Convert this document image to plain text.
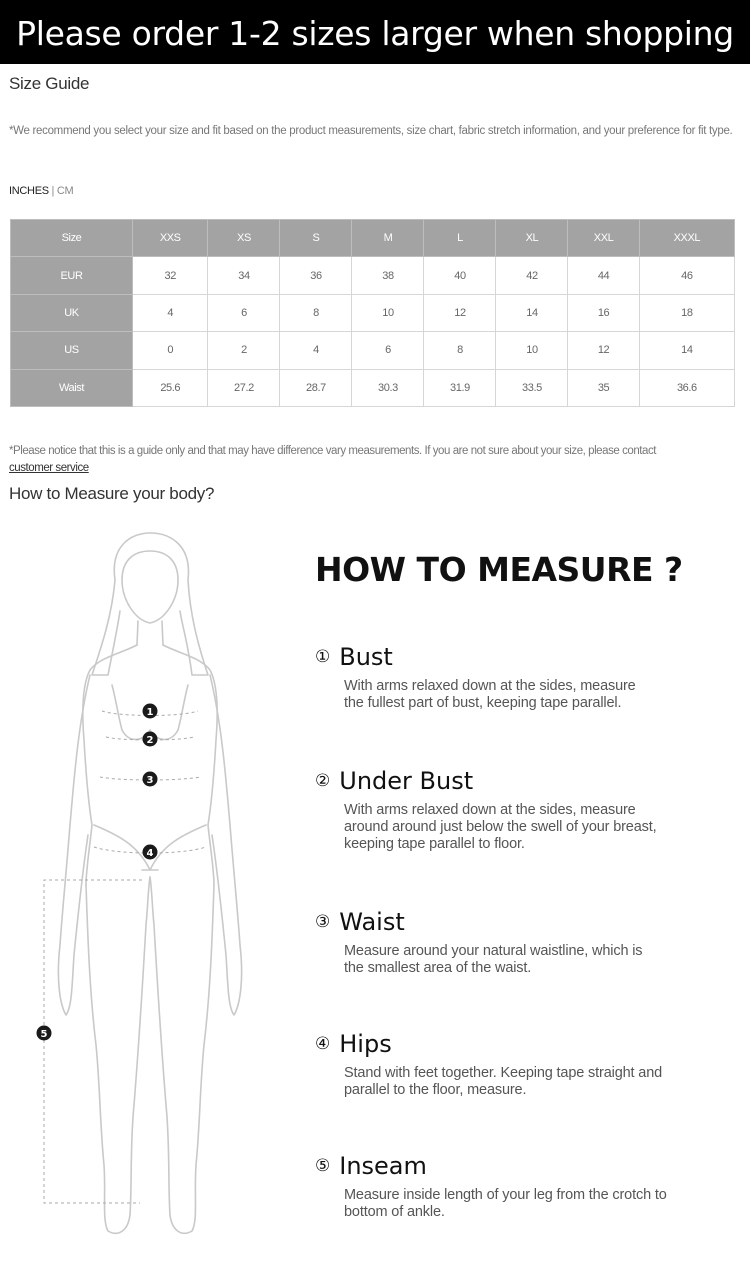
Please order 1-2 sizes larger when shopping
Size Guide
*We recommend you select your size and fit based on the product measurements, size chart, fabric stretch information, and your preference for fit type.
INCHES | CM
Size	XXS	XS	S	M	L	XL	XXL	XXXL
EUR	32	34	36	38	40	42	44	46
UK	4	6	8	10	12	14	16	18
US	0	2	4	6	8	10	12	14
Waist	25.6	27.2	28.7	30.3	31.9	33.5	35	36.6
*Please notice that this is a guide only and that may have difference vary measurements. If you are not sure about your size, please contact
customer service
How to Measure your body?
1
2
3
4
5
HOW TO MEASURE ?
① Bust
With arms relaxed down at the sides, measure
the fullest part of bust, keeping tape parallel.
② Under Bust
With arms relaxed down at the sides, measure
around around just below the swell of your breast,
keeping tape parallel to floor.
③ Waist
Measure around your natural waistline, which is
the smallest area of the waist.
④ Hips
Stand with feet together. Keeping tape straight and
parallel to the floor, measure.
⑤ Inseam
Measure inside length of your leg from the crotch to
bottom of ankle.
